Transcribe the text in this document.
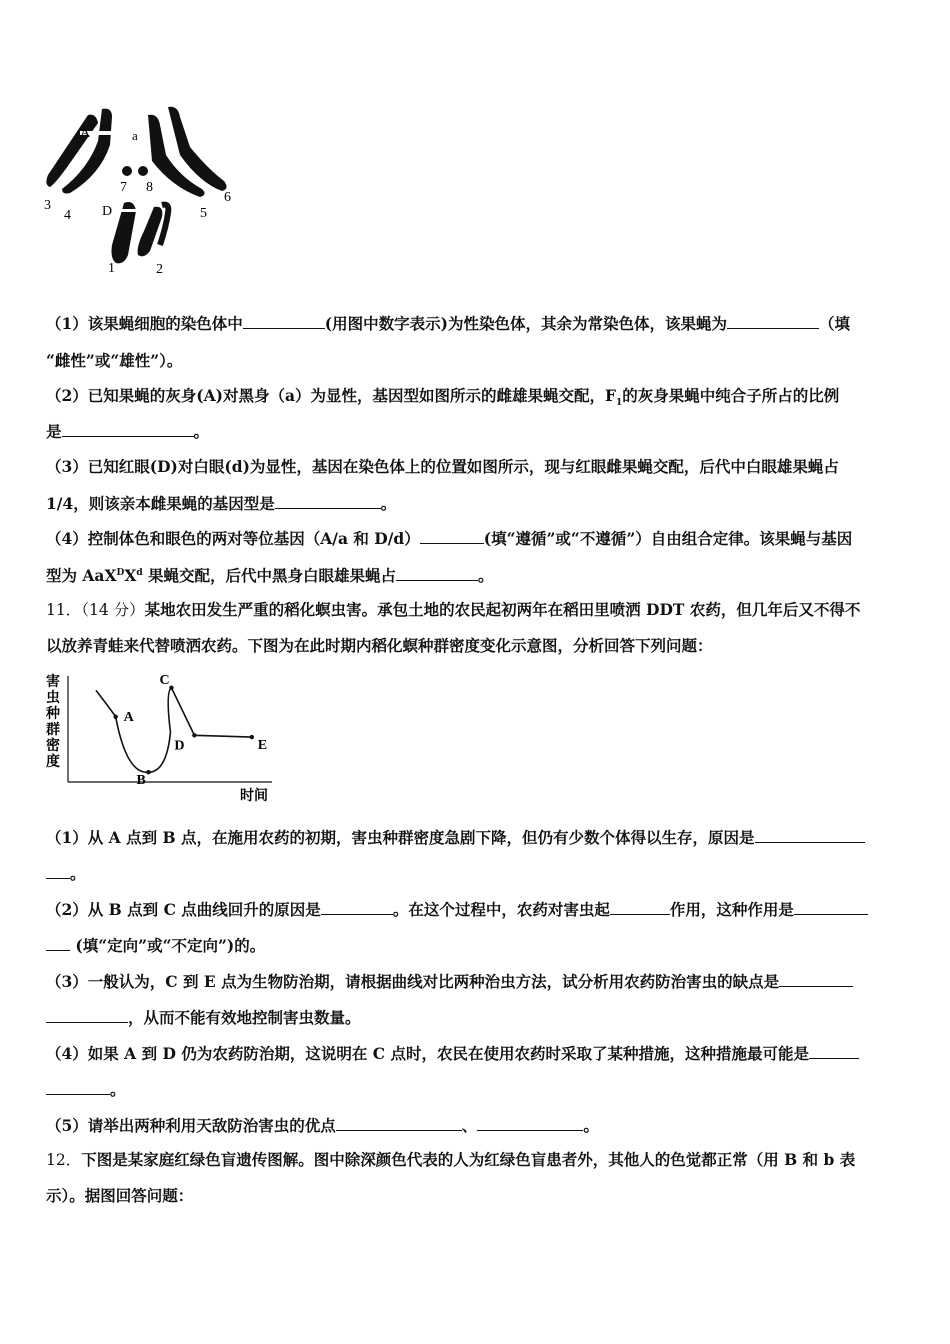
A	a
7 8
3
4 D	5
6
1	2
（1）该果蝇细胞的染色体中	(用图中数字表示)为性染色体，其余为常染色体，该果蝇为	（填
“雌性”或“雄性”）。
（2）已知果蝇的灰身(A)对黑身（a）为显性，基因型如图所示的雌雄果蝇交配，$F_1$的灰身果蝇中纯合子所占的比例
是	。
（3）已知红眼(D)对白眼(d)为显性，基因在染色体上的位置如图所示，现与红眼雌果蝇交配，后代中白眼雄果蝇占
1/4，则该亲本雌果蝇的基因型是	。
（4）控制体色和眼色的两对等位基因（A/a 和 D/d）	(填“遵循”或“不遵循”）自由组合定律。该果蝇与基因
型为 $AaX^DX^d$ 果蝇交配，后代中黑身白眼雄果蝇占	。
11．（14 分）某地农田发生严重的稻化螟虫害。承包土地的农民起初两年在稻田里喷洒 DDT 农药，但几年后又不得不
以放养青蛙来代替喷洒农药。下图为在此时期内稻化螟种群密度变化示意图，分析回答下列问题：
害虫种群密度
时间
A
B
C
D	E
（1）从 A 点到 B 点，在施用农药的初期，害虫种群密度急剧下降，但仍有少数个体得以生存，原因是
。
（2）从 B 点到 C 点曲线回升的原因是	。在这个过程中，农药对害虫起	作用，这种作用是
(填“定向”或“不定向”)的。
（3）一般认为，C 到 E 点为生物防治期，请根据曲线对比两种治虫方法，试分析用农药防治害虫的缺点是
，从而不能有效地控制害虫数量。
（4）如果 A 到 D 仍为农药防治期，这说明在 C 点时，农民在使用农药时采取了某种措施，这种措施最可能是
。
（5）请举出两种利用天敌防治害虫的优点	、	。
12．下图是某家庭红绿色盲遗传图解。图中除深颜色代表的人为红绿色盲患者外，其他人的色觉都正常（用 B 和 b 表
示）。据图回答问题：
